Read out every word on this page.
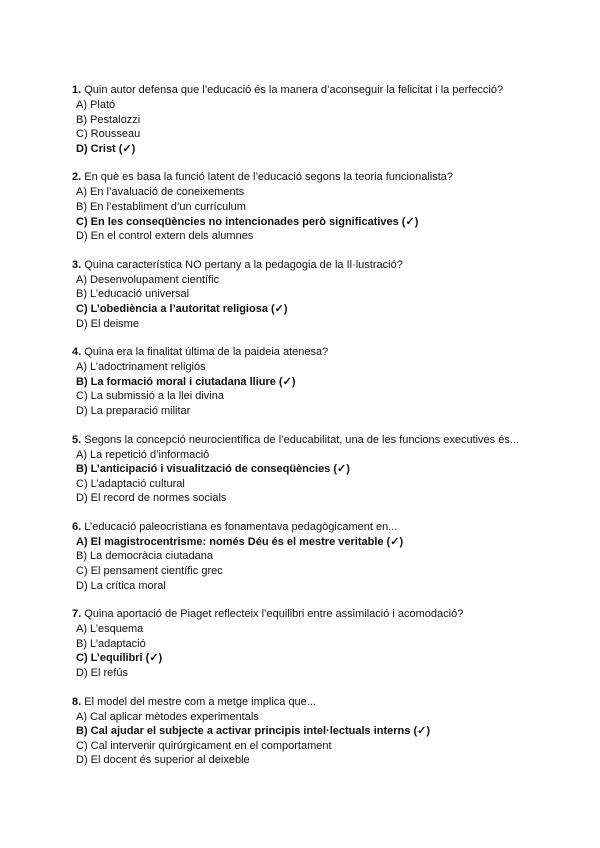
1. Quin autor defensa que l’educació és la manera d’aconseguir la felicitat i la perfecció?
A) Plató
B) Pestalozzi
C) Rousseau
D) Crist (✓)
2. En què es basa la funció latent de l’educació segons la teoria funcionalista?
A) En l’avaluació de coneixements
B) En l’establiment d’un currículum
C) En les conseqüències no intencionades però significatives (✓)
D) En el control extern dels alumnes
3. Quina característica NO pertany a la pedagogia de la Il·lustració?
A) Desenvolupament científic
B) L’educació universal
C) L’obediència a l’autoritat religiosa (✓)
D) El deisme
4. Quina era la finalitat última de la paideia atenesa?
A) L’adoctrinament religiós
B) La formació moral i ciutadana lliure (✓)
C) La submissió a la llei divina
D) La preparació militar
5. Segons la concepció neurocientífica de l’educabilitat, una de les funcions executives és...
A) La repetició d’informació
B) L’anticipació i visualització de conseqüències (✓)
C) L’adaptació cultural
D) El record de normes socials
6. L’educació paleocristiana es fonamentava pedagògicament en...
A) El magistrocentrisme: només Déu és el mestre veritable (✓)
B) La democràcia ciutadana
C) El pensament científic grec
D) La crítica moral
7. Quina aportació de Piaget reflecteix l’equilibri entre assimilació i acomodació?
A) L’esquema
B) L’adaptació
C) L’equilibri (✓)
D) El refús
8. El model del mestre com a metge implica que...
A) Cal aplicar mètodes experimentals
B) Cal ajudar el subjecte a activar principis intel·lectuals interns (✓)
C) Cal intervenir quirúrgicament en el comportament
D) El docent és superior al deixeble
